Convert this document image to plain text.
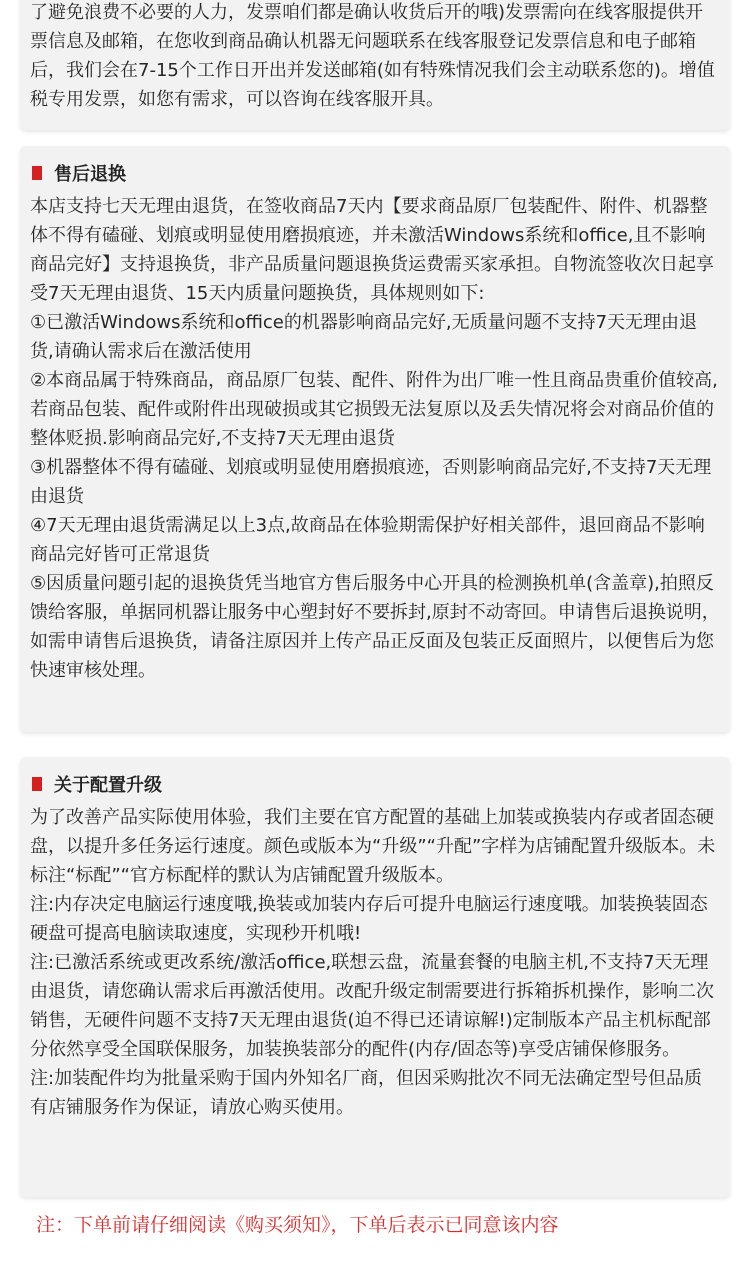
了避免浪费不必要的人力，发票咱们都是确认收货后开的哦)发票需向在线客服提供开票信息及邮箱，在您收到商品确认机器无问题联系在线客服登记发票信息和电子邮箱后，我们会在7-15个工作日开出并发送邮箱(如有特殊情况我们会主动联系您的)。增值税专用发票，如您有需求，可以咨询在线客服开具。

售后退换

本店支持七天无理由退货，在签收商品7天内【要求商品原厂包装配件、附件、机器整体不得有磕碰、划痕或明显使用磨损痕迹，并未激活Windows系统和office,且不影响商品完好】支持退换货，非产品质量问题退换货运费需买家承担。自物流签收次日起享受7天无理由退货、15天内质量问题换货，具体规则如下:

①已激活Windows系统和office的机器影响商品完好,无质量问题不支持7天无理由退货,请确认需求后在激活使用

②本商品属于特殊商品，商品原厂包装、配件、附件为出厂唯一性且商品贵重价值较高,若商品包装、配件或附件出现破损或其它损毁无法复原以及丢失情况将会对商品价值的整体贬损.影响商品完好,不支持7天无理由退货

③机器整体不得有磕碰、划痕或明显使用磨损痕迹，否则影响商品完好,不支持7天无理由退货

④7天无理由退货需满足以上3点,故商品在体验期需保护好相关部件，退回商品不影响商品完好皆可正常退货

⑤因质量问题引起的退换货凭当地官方售后服务中心开具的检测换机单(含盖章),拍照反馈给客服，单据同机器让服务中心塑封好不要拆封,原封不动寄回。申请售后退换说明，如需申请售后退换货，请备注原因并上传产品正反面及包装正反面照片，以便售后为您快速审核处理。

关于配置升级

为了改善产品实际使用体验，我们主要在官方配置的基础上加装或换装内存或者固态硬盘，以提升多任务运行速度。颜色或版本为“升级”“升配”字样为店铺配置升级版本。未标注“标配”“官方标配样的默认为店铺配置升级版本。

注:内存决定电脑运行速度哦,换装或加装内存后可提升电脑运行速度哦。加装换装固态硬盘可提高电脑读取速度，实现秒开机哦!

注:已激活系统或更改系统/激活office,联想云盘，流量套餐的电脑主机,不支持7天无理由退货，请您确认需求后再激活使用。改配升级定制需要进行拆箱拆机操作，影响二次销售，无硬件问题不支持7天无理由退货(迫不得已还请谅解!)定制版本产品主机标配部分依然享受全国联保服务，加装换装部分的配件(内存/固态等)享受店铺保修服务。

注:加装配件均为批量采购于国内外知名厂商，但因采购批次不同无法确定型号但品质有店铺服务作为保证，请放心购买使用。

注：下单前请仔细阅读《购买须知》，下单后表示已同意该内容
